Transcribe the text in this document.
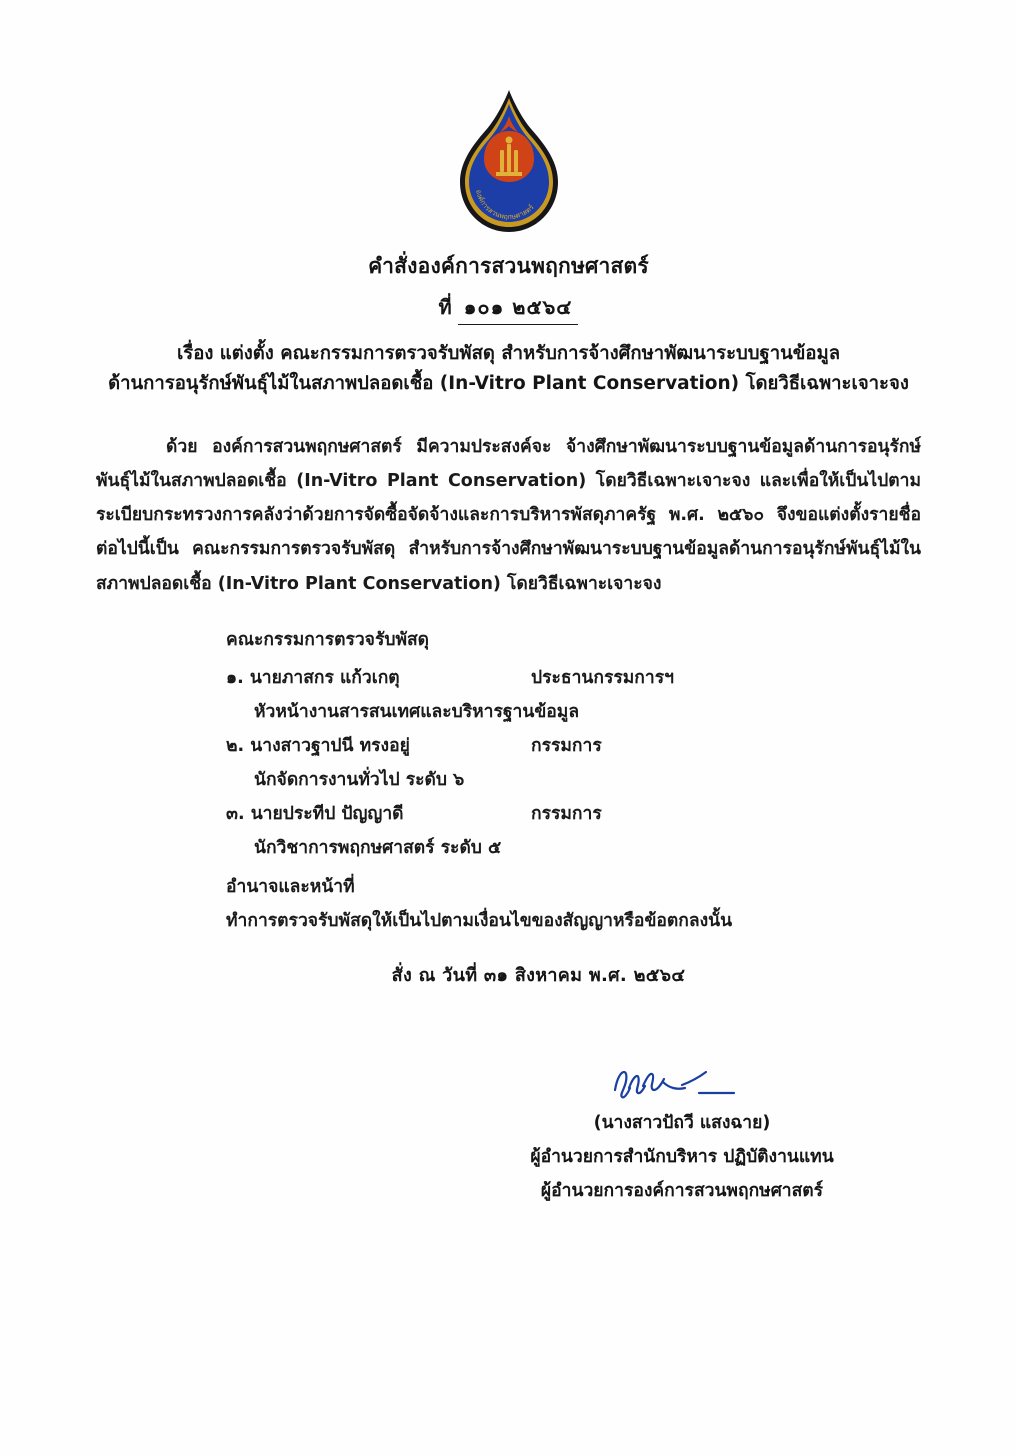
องค์การสวนพฤกษศาสตร์
คำสั่งองค์การสวนพฤกษศาสตร์
ที่ ๑๐๑ ๒๕๖๔
เรื่อง แต่งตั้ง คณะกรรมการตรวจรับพัสดุ สำหรับการจ้างศึกษาพัฒนาระบบฐานข้อมูล
ด้านการอนุรักษ์พันธุ์ไม้ในสภาพปลอดเชื้อ (In-Vitro Plant Conservation) โดยวิธีเฉพาะเจาะจง
ด้วย องค์การสวนพฤกษศาสตร์ มีความประสงค์จะ จ้างศึกษาพัฒนาระบบฐานข้อมูลด้านการอนุรักษ์พันธุ์ไม้ในสภาพปลอดเชื้อ (In-Vitro Plant Conservation) โดยวิธีเฉพาะเจาะจง และเพื่อให้เป็นไปตามระเบียบกระทรวงการคลังว่าด้วยการจัดซื้อจัดจ้างและการบริหารพัสดุภาครัฐ พ.ศ. ๒๕๖๐ จึงขอแต่งตั้งรายชื่อต่อไปนี้เป็น คณะกรรมการตรวจรับพัสดุ สำหรับการจ้างศึกษาพัฒนาระบบฐานข้อมูลด้านการอนุรักษ์พันธุ์ไม้ในสภาพปลอดเชื้อ (In-Vitro Plant Conservation) โดยวิธีเฉพาะเจาะจง
คณะกรรมการตรวจรับพัสดุ
๑. นายภาสกร แก้วเกตุ	ประธานกรรมการฯ
หัวหน้างานสารสนเทศและบริหารฐานข้อมูล
๒. นางสาวฐาปนี ทรงอยู่	กรรมการ
นักจัดการงานทั่วไป ระดับ ๖
๓. นายประทีป ปัญญาดี	กรรมการ
นักวิชาการพฤกษศาสตร์ ระดับ ๕
อำนาจและหน้าที่
ทำการตรวจรับพัสดุให้เป็นไปตามเงื่อนไขของสัญญาหรือข้อตกลงนั้น
สั่ง ณ วันที่ ๓๑ สิงหาคม พ.ศ. ๒๕๖๔
(นางสาวปัถวี แสงฉาย)
ผู้อำนวยการสำนักบริหาร ปฏิบัติงานแทน
ผู้อำนวยการองค์การสวนพฤกษศาสตร์
